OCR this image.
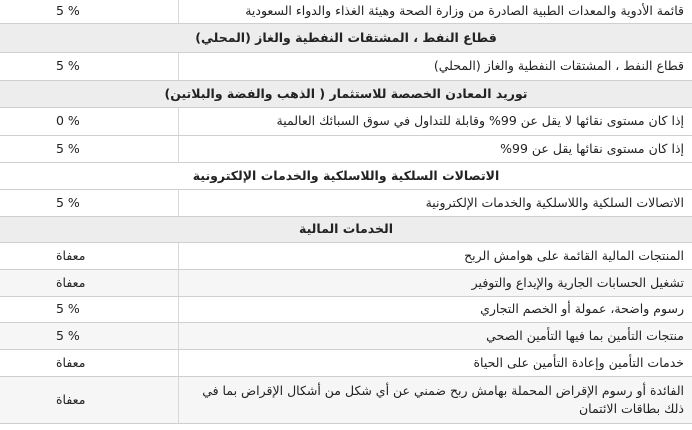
قائمة الأدوية والمعدات الطبية الصادرة من وزارة الصحة وهيئة الغذاء والدواء السعودية	5 %
قطاع النفط ، المشتقات النفطية والغاز (المحلي)	
قطاع النفط ، المشتقات النفطية والغاز (المحلي)	5 %
توريد المعادن الخصصة للاستثمار ( الذهب والفضة والبلاتين)	
إذا كان مستوى نقائها لا يقل عن 99% وقابلة للتداول في سوق السبائك العالمية	0 %
إذا كان مستوى نقائها يقل عن 99%	5 %
الاتصالات السلكية واللاسلكية والخدمات الإلكترونية	
الاتصالات السلكية واللاسلكية والخدمات الإلكترونية	5 %
الخدمات المالية	
المنتجات المالية القائمة على هوامش الربح	معفاة
تشغيل الحسابات الجارية والإيداع والتوفير	معفاة
رسوم واضحة، عمولة أو الخصم التجاري	5 %
منتجات التأمين بما فيها التأمين الصحي	5 %
خدمات التأمين وإعادة التأمين على الحياة	معفاة
الفائدة أو رسوم الإقراض المحملة بهامش ربح ضمني عن أي شكل من أشكال الإقراض بما في ذلك بطاقات الائتمان	معفاة
